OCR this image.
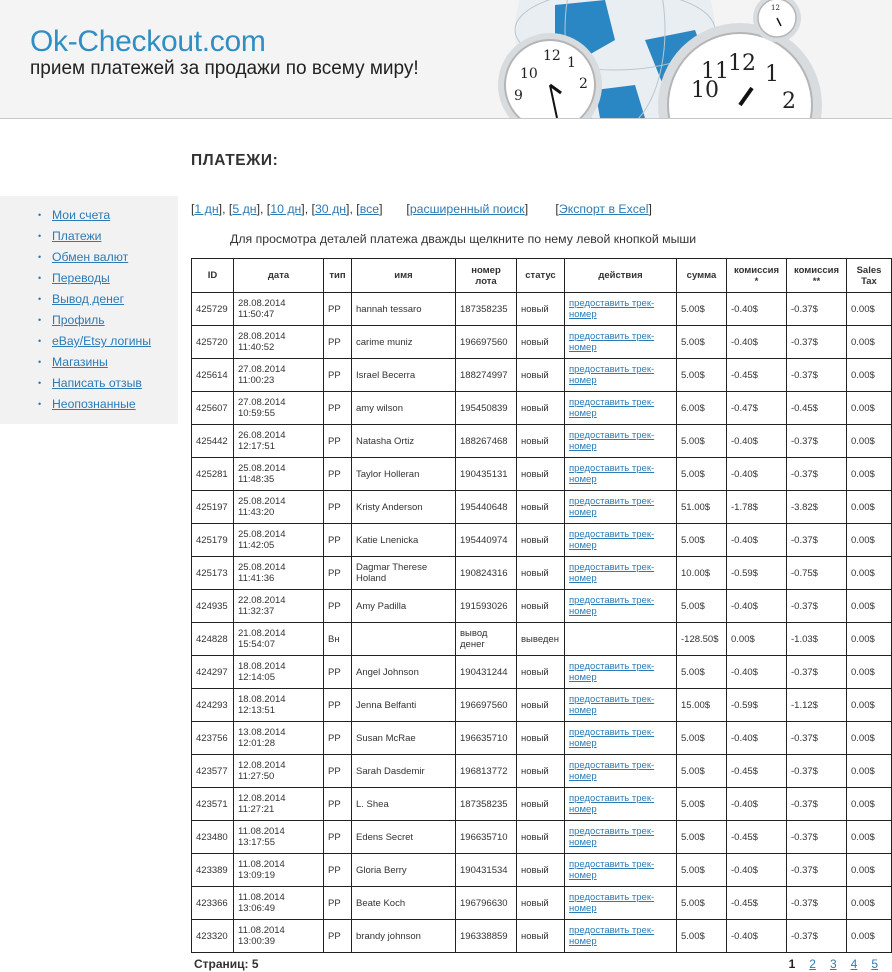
Ok-Checkout.com
прием платежей за продажи по всему миру!
12
10
1
2
9
12
10
11 1
2
12
• Мои счета
• Платежи
• Обмен валют
• Переводы
• Вывод денег
• Профиль
• eBay/Etsy логины
• Магазины
• Написать отзыв
• Неопознанные
ПЛАТЕЖИ:
[1 дн], [5 дн], [10 дн], [30 дн], [все]       [расширенный поиск]        [Экспорт в Excel]
Для просмотра деталей платежа дважды щелкните по нему левой кнопкой мыши
ID	дата	тип	имя	номер лота	статус	действия	сумма	комиссия *	комиссия **	Sales Tax
425729	28.08.2014
11:50:47	PP	hannah tessaro	187358235	новый	предоставить трек-номер	5.00$	-0.40$	-0.37$	0.00$
425720	28.08.2014
11:40:52	PP	carime muniz	196697560	новый	предоставить трек-номер	5.00$	-0.40$	-0.37$	0.00$
425614	27.08.2014
11:00:23	PP	Israel Becerra	188274997	новый	предоставить трек-номер	5.00$	-0.45$	-0.37$	0.00$
425607	27.08.2014
10:59:55	PP	amy wilson	195450839	новый	предоставить трек-номер	6.00$	-0.47$	-0.45$	0.00$
425442	26.08.2014
12:17:51	PP	Natasha Ortiz	188267468	новый	предоставить трек-номер	5.00$	-0.40$	-0.37$	0.00$
425281	25.08.2014
11:48:35	PP	Taylor Holleran	190435131	новый	предоставить трек-номер	5.00$	-0.40$	-0.37$	0.00$
425197	25.08.2014
11:43:20	PP	Kristy Anderson	195440648	новый	предоставить трек-номер	51.00$	-1.78$	-3.82$	0.00$
425179	25.08.2014
11:42:05	PP	Katie Lnenicka	195440974	новый	предоставить трек-номер	5.00$	-0.40$	-0.37$	0.00$
425173	25.08.2014
11:41:36	PP	Dagmar Therese Holand	190824316	новый	предоставить трек-номер	10.00$	-0.59$	-0.75$	0.00$
424935	22.08.2014
11:32:37	PP	Amy Padilla	191593026	новый	предоставить трек-номер	5.00$	-0.40$	-0.37$	0.00$
424828	21.08.2014
15:54:07	Вн		вывод денег	выведен		-128.50$	0.00$	-1.03$	0.00$
424297	18.08.2014
12:14:05	PP	Angel Johnson	190431244	новый	предоставить трек-номер	5.00$	-0.40$	-0.37$	0.00$
424293	18.08.2014
12:13:51	PP	Jenna Belfanti	196697560	новый	предоставить трек-номер	15.00$	-0.59$	-1.12$	0.00$
423756	13.08.2014
12:01:28	PP	Susan McRae	196635710	новый	предоставить трек-номер	5.00$	-0.40$	-0.37$	0.00$
423577	12.08.2014
11:27:50	PP	Sarah Dasdemir	196813772	новый	предоставить трек-номер	5.00$	-0.45$	-0.37$	0.00$
423571	12.08.2014
11:27:21	PP	L. Shea	187358235	новый	предоставить трек-номер	5.00$	-0.40$	-0.37$	0.00$
423480	11.08.2014
13:17:55	PP	Edens Secret	196635710	новый	предоставить трек-номер	5.00$	-0.45$	-0.37$	0.00$
423389	11.08.2014
13:09:19	PP	Gloria Berry	190431534	новый	предоставить трек-номер	5.00$	-0.40$	-0.37$	0.00$
423366	11.08.2014
13:06:49	PP	Beate Koch	196796630	новый	предоставить трек-номер	5.00$	-0.45$	-0.37$	0.00$
423320	11.08.2014
13:00:39	PP	brandy johnson	196338859	новый	предоставить трек-номер	5.00$	-0.40$	-0.37$	0.00$
Страниц: 5	1 2 3 4 5
